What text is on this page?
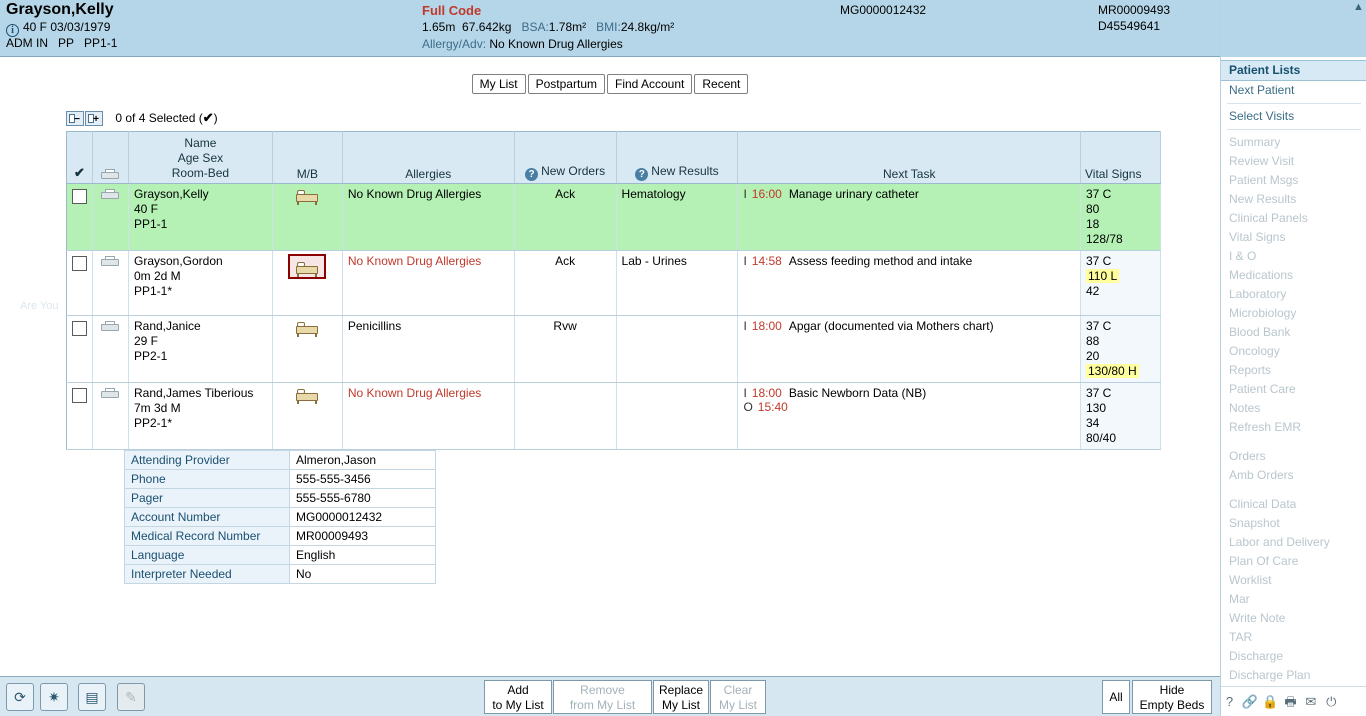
Grayson,Kelly
i 40 F 03/03/1979
ADM IN PP PP1-1
Full Code
1.65m 67.642kg BSA:1.78m² BMI:24.8kg/m²
Allergy/Adv: No Known Drug Allergies
MG0000012432	MR00009493
D45549641
My List Postpartum Find Account Recent
− + 0 of 4 Selected (✔)
Are You
✔		Name
Age Sex
Room-Bed	M/B	Allergies	? New Orders	? New Results	Next Task	Vital Signs

Grayson,Kelly
40 F
PP1-1

	No Known Drug Allergies	Ack	Hematology	I 16:00 Manage urinary catheter	37 C
80
18
128/78

Grayson,Gordon
0m 2d M
PP1-1*

	No Known Drug Allergies	Ack	Lab - Urines	I 14:58 Assess feeding method and intake	37 C
110 L
42

Rand,Janice
29 F
PP2-1

	Penicillins	Rvw		I 18:00 Apgar (documented via Mothers chart)	37 C
88
20
130/80 H

Rand,James Tiberious
7m 3d M
PP2-1*

	No Known Drug Allergies			I 18:00 Basic Newborn Data (NB)
O 15:40

37 C
130
34
80/40
Attending Provider	Almeron,Jason
Phone	555-555-3456
Pager	555-555-6780
Account Number	MG0000012432
Medical Record Number	MR00009493
Language	English
Interpreter Needed	No
⟳	✷	▤	✎	Add
to My List
Remove
from My List
Replace
My List
Clear
My List
All	Hide
Empty Beds
▲
Patient Lists
Next Patient
Select Visits
Summary
Review Visit
Patient Msgs
New Results
Clinical Panels
Vital Signs
I & O
Medications
Laboratory
Microbiology
Blood Bank
Oncology
Reports
Patient Care
Notes
Refresh EMR
Orders
Amb Orders
Clinical Data
Snapshot
Labor and Delivery
Plan Of Care
Worklist
Mar
Write Note
TAR
Discharge
Discharge Plan
? 🔗 🔒 🖶 ✉ ⏻
